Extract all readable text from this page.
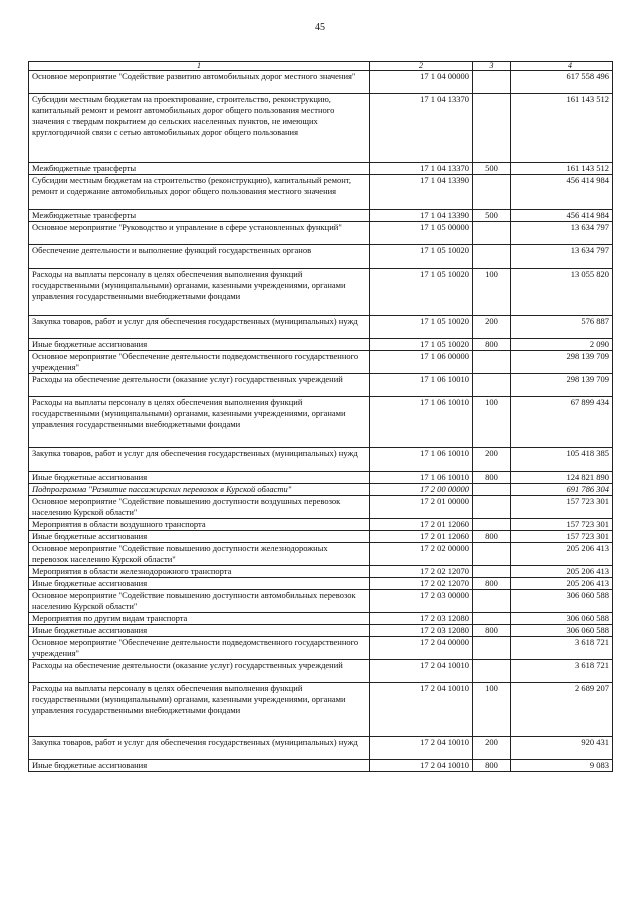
45
1	2	3	4
Основное мероприятие "Содействие развитию автомобильных дорог местного значения"	17 1 04 00000		617 558 496
Субсидии местным бюджетам на проектирование, строительство, реконструкцию, капитальный ремонт и ремонт автомобильных дорог общего пользования местного значения с твердым покрытием до сельских населенных пунктов, не имеющих круглогодичной связи с сетью автомобильных дорог общего пользования	17 1 04 13370		161 143 512
Межбюджетные трансферты	17 1 04 13370	500	161 143 512
Субсидии местным бюджетам на строительство (реконструкцию), капитальный ремонт, ремонт и содержание автомобильных дорог общего пользования местного значения	17 1 04 13390		456 414 984
Межбюджетные трансферты	17 1 04 13390	500	456 414 984
Основное мероприятие "Руководство и управление в сфере установленных функций"	17 1 05 00000		13 634 797
Обеспечение деятельности и выполнение функций государственных органов	17 1 05 10020		13 634 797
Расходы на выплаты персоналу в целях обеспечения выполнения функций государственными (муниципальными) органами, казенными учреждениями, органами управления государственными внебюджетными фондами	17 1 05 10020	100	13 055 820
Закупка товаров, работ и услуг для обеспечения государственных (муниципальных) нужд	17 1 05 10020	200	576 887
Иные бюджетные ассигнования	17 1 05 10020	800	2 090
Основное мероприятие "Обеспечение деятельности подведомственного государственного учреждения"	17 1 06 00000		298 139 709
Расходы на обеспечение деятельности (оказание услуг) государственных учреждений	17 1 06 10010		298 139 709
Расходы на выплаты персоналу в целях обеспечения выполнения функций государственными (муниципальными) органами, казенными учреждениями, органами управления государственными внебюджетными фондами	17 1 06 10010	100	67 899 434
Закупка товаров, работ и услуг для обеспечения государственных (муниципальных) нужд	17 1 06 10010	200	105 418 385
Иные бюджетные ассигнования	17 1 06 10010	800	124 821 890
Подпрограмма "Развитие пассажирских перевозок в Курской области"	17 2 00 00000		691 786 304
Основное мероприятие "Содействие повышению доступности воздушных перевозок населению Курской области"	17 2 01 00000		157 723 301
Мероприятия в области воздушного транспорта	17 2 01 12060		157 723 301
Иные бюджетные ассигнования	17 2 01 12060	800	157 723 301
Основное мероприятие "Содействие повышению доступности железнодорожных перевозок населению Курской области"	17 2 02 00000		205 206 413
Мероприятия в области железнодорожного транспорта	17 2 02 12070		205 206 413
Иные бюджетные ассигнования	17 2 02 12070	800	205 206 413
Основное мероприятие "Содействие повышению доступности автомобильных перевозок населению Курской области"	17 2 03 00000		306 060 588
Мероприятия по другим видам транспорта	17 2 03 12080		306 060 588
Иные бюджетные ассигнования	17 2 03 12080	800	306 060 588
Основное мероприятие "Обеспечение деятельности подведомственного государственного учреждения"	17 2 04 00000		3 618 721
Расходы на обеспечение деятельности (оказание услуг) государственных учреждений	17 2 04 10010		3 618 721
Расходы на выплаты персоналу в целях обеспечения выполнения функций государственными (муниципальными) органами, казенными учреждениями, органами управления государственными внебюджетными фондами	17 2 04 10010	100	2 689 207
Закупка товаров, работ и услуг для обеспечения государственных (муниципальных) нужд	17 2 04 10010	200	920 431
Иные бюджетные ассигнования	17 2 04 10010	800	9 083
